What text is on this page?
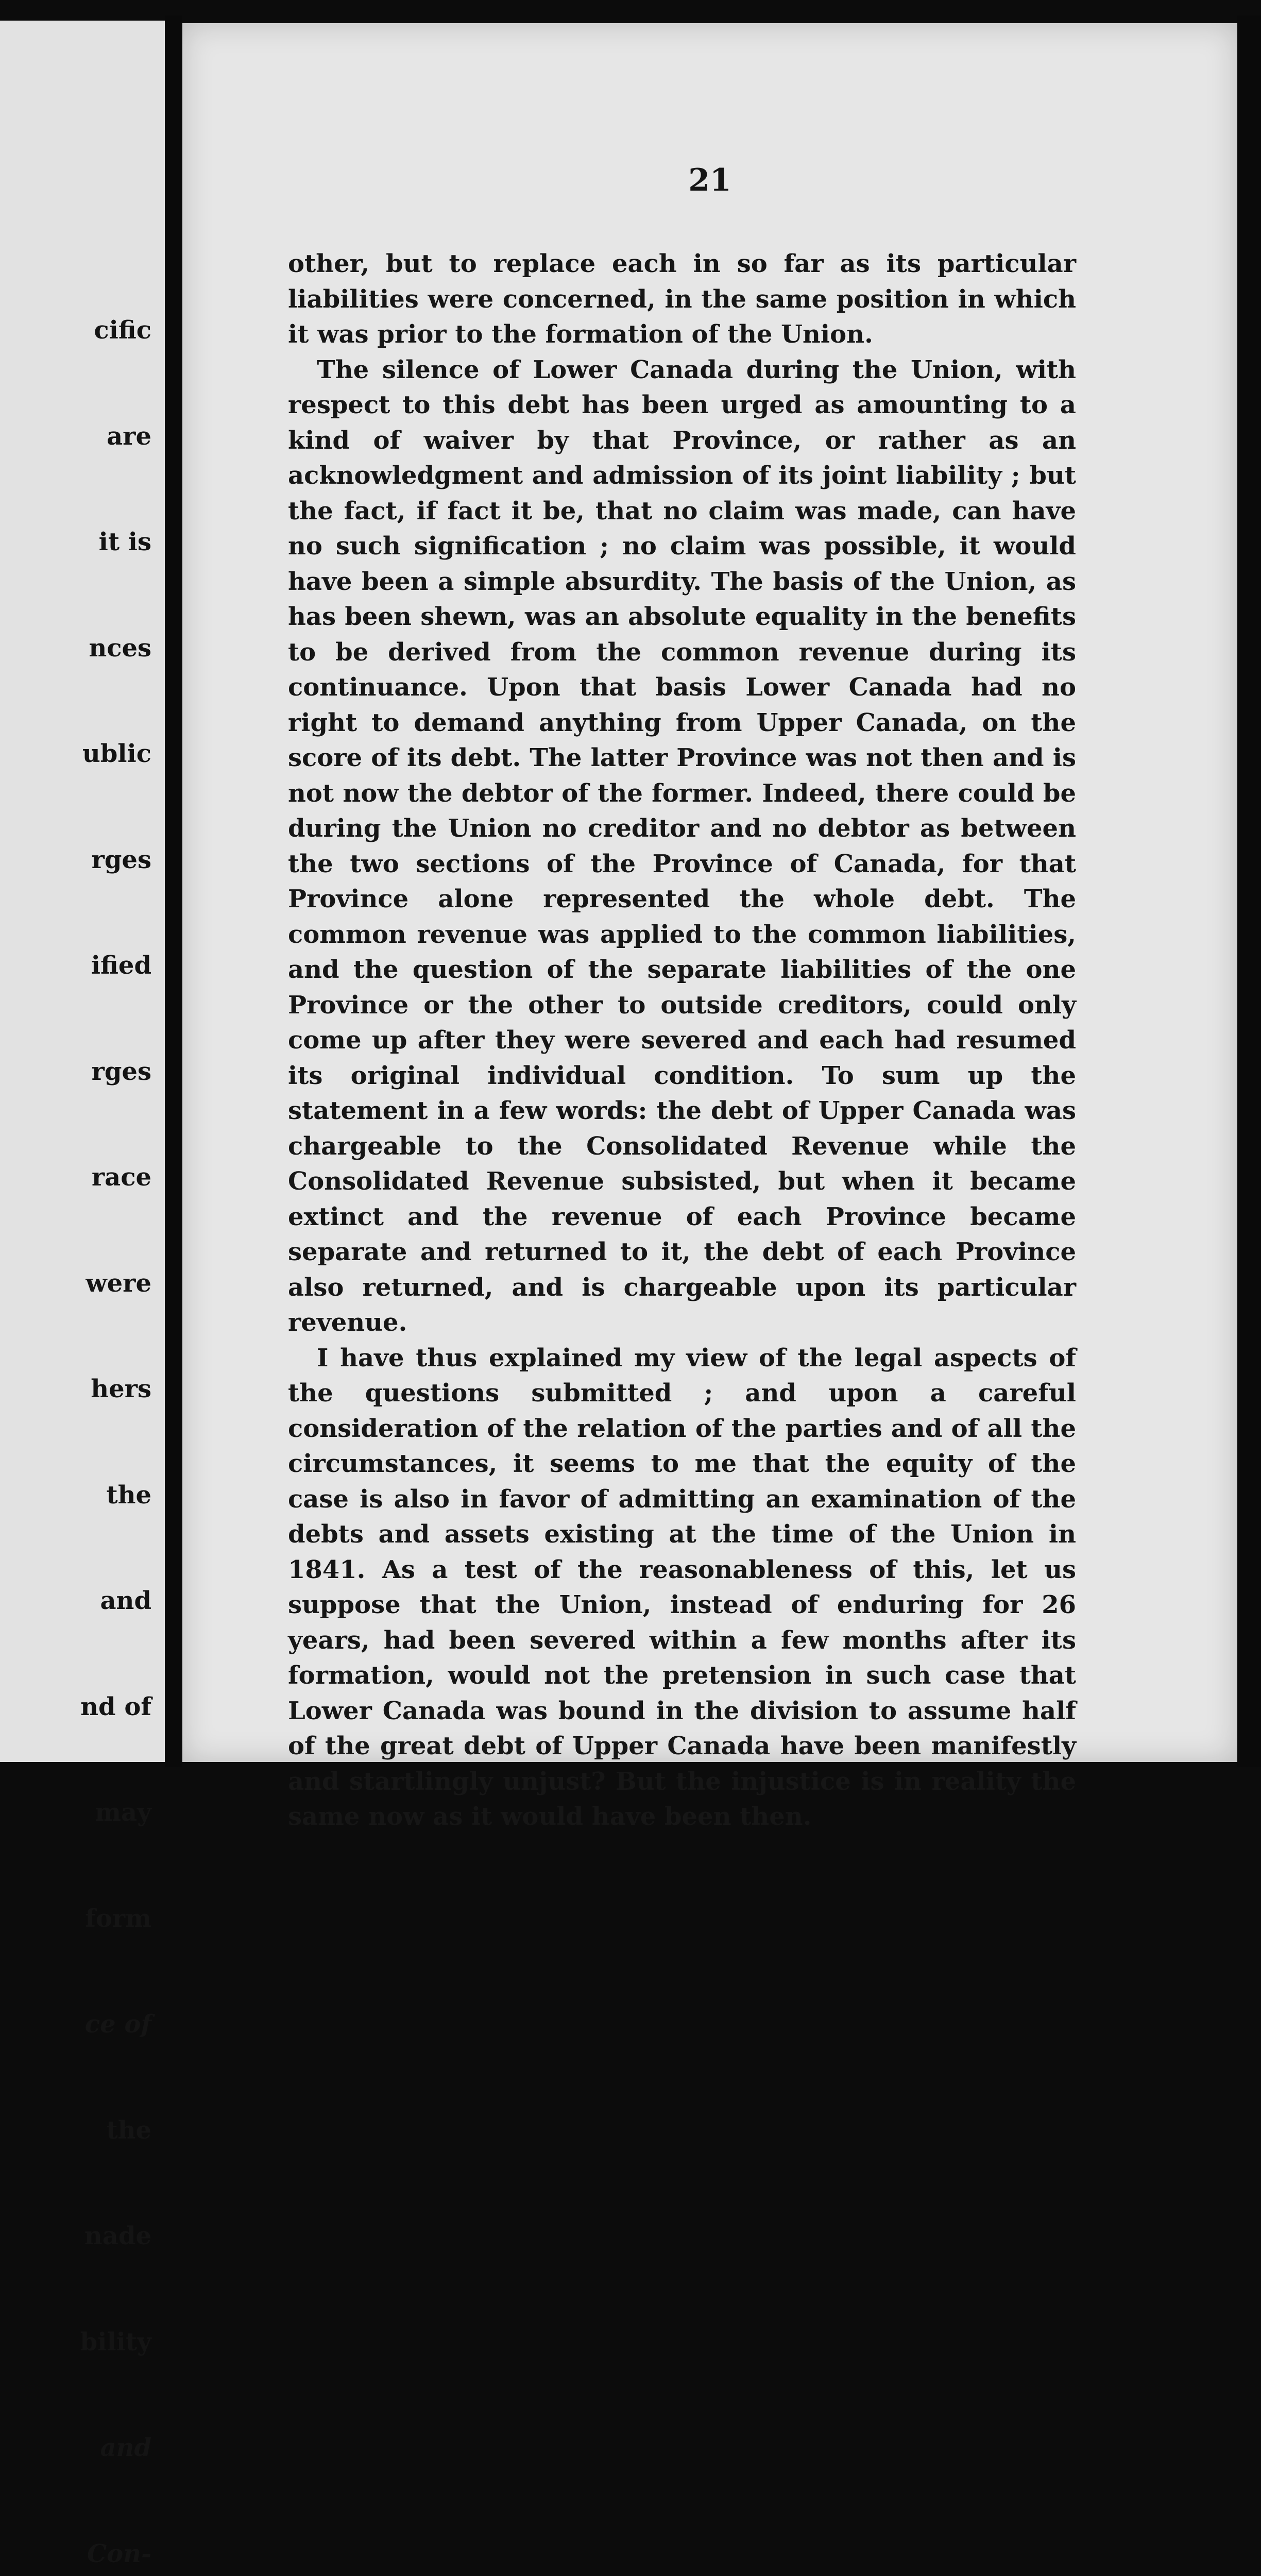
cific

are

it is

nces

ublic

rges

ified

rges

race

were

hers

the

and

nd of

may

form

ce of

the

nade

bility

and

Con-

21

other, but to replace each in so far as its particular liabilities were concerned, in the same position in which it was prior to the formation of the Union.

The silence of Lower Canada during the Union, with respect to this debt has been urged as amounting to a kind of waiver by that Province, or rather as an acknowledgment and admission of its joint liability ; but the fact, if fact it be, that no claim was made, can have no such signification ; no claim was possible, it would have been a simple absurdity. The basis of the Union, as has been shewn, was an absolute equality in the benefits to be derived from the common revenue during its continuance. Upon that basis Lower Canada had no right to demand anything from Upper Canada, on the score of its debt. The latter Province was not then and is not now the debtor of the former. Indeed, there could be during the Union no creditor and no debtor as between the two sections of the Province of Canada, for that Province alone represented the whole debt. The common revenue was applied to the common liabilities, and the question of the separate liabilities of the one Province or the other to outside creditors, could only come up after they were severed and each had resumed its original individual condition. To sum up the statement in a few words: the debt of Upper Canada was chargeable to the Consolidated Revenue while the Consolidated Revenue subsisted, but when it became extinct and the revenue of each Province became separate and returned to it, the debt of each Province also returned, and is chargeable upon its particular revenue.

I have thus explained my view of the legal aspects of the questions submitted ; and upon a careful consideration of the relation of the parties and of all the circumstances, it seems to me that the equity of the case is also in favor of admitting an examination of the debts and assets existing at the time of the Union in 1841. As a test of the reasonableness of this, let us suppose that the Union, instead of enduring for 26 years, had been severed within a few months after its formation, would not the pretension in such case that Lower Canada was bound in the division to assume half of the great debt of Upper Canada have been manifestly and startlingly unjust? But the injustice is in reality the same now as it would have been then.
